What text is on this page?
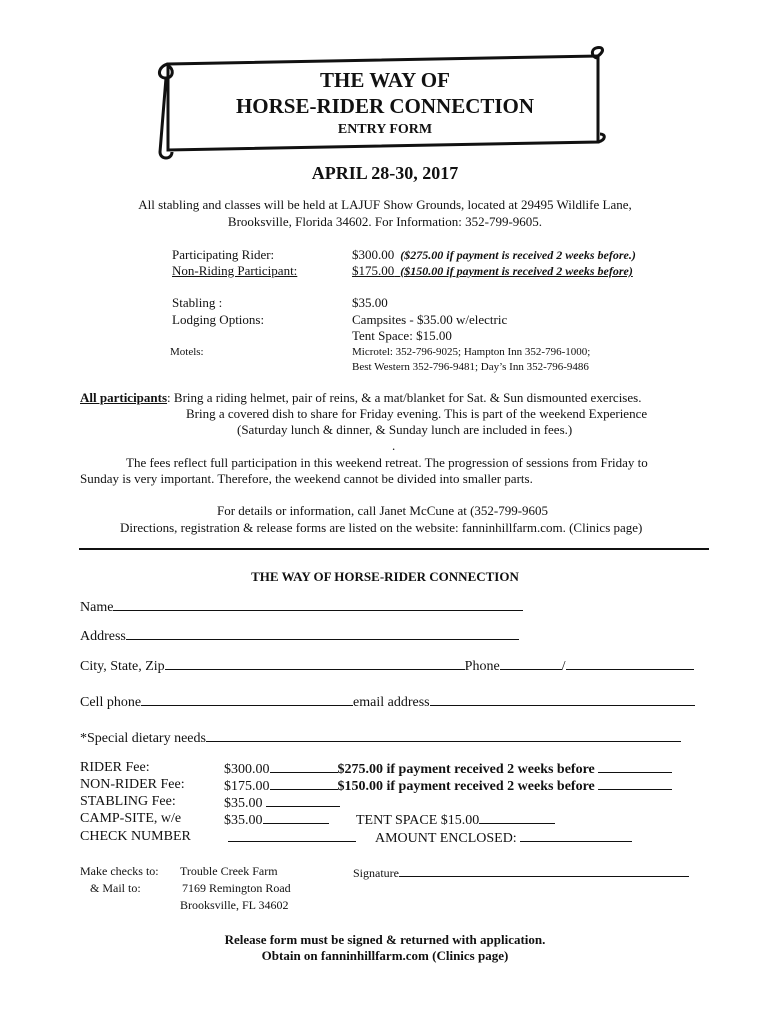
THE WAY OF
HORSE-RIDER CONNECTION
ENTRY FORM
APRIL 28-30, 2017
All stabling and classes will be held at LAJUF Show Grounds, located at 29495 Wildlife Lane,
Brooksville, Florida 34602. For Information: 352-799-9605.
Participating Rider:	$300.00 ($275.00 if payment is received 2 weeks before.)
Non-Riding Participant:	$175.00 ($150.00 if payment is received 2 weeks before)
Stabling :	$35.00
Lodging Options:	Campsites - $35.00 w/electric
Tent Space: $15.00
Motels:	Microtel: 352-796-9025; Hampton Inn 352-796-1000;
Best Western 352-796-9481; Day’s Inn 352-796-9486
All participants: Bring a riding helmet, pair of reins, & a mat/blanket for Sat. & Sun dismounted exercises.
Bring a covered dish to share for Friday evening. This is part of the weekend Experience
(Saturday lunch & dinner, & Sunday lunch are included in fees.)
.
The fees reflect full participation in this weekend retreat. The progression of sessions from Friday to
Sunday is very important. Therefore, the weekend cannot be divided into smaller parts.
For details or information, call Janet McCune at (352-799-9605
Directions, registration & release forms are listed on the website: fanninhillfarm.com. (Clinics page)
THE WAY OF HORSE-RIDER CONNECTION
Name
Address
City, State, Zip	Phone	/
Cell phone	email address
*Special dietary needs
RIDER Fee:	$300.00	$275.00 if payment received 2 weeks before
NON-RIDER Fee:	$175.00	$150.00 if payment received 2 weeks before
STABLING Fee:	$35.00
CAMP-SITE, w/e	$35.00	TENT SPACE $15.00
CHECK NUMBER	AMOUNT ENCLOSED:
Make checks to: Trouble Creek Farm
& Mail to:	7169 Remington Road
Brooksville, FL 34602
Signature
Release form must be signed & returned with application.
Obtain on fanninhillfarm.com (Clinics page)
